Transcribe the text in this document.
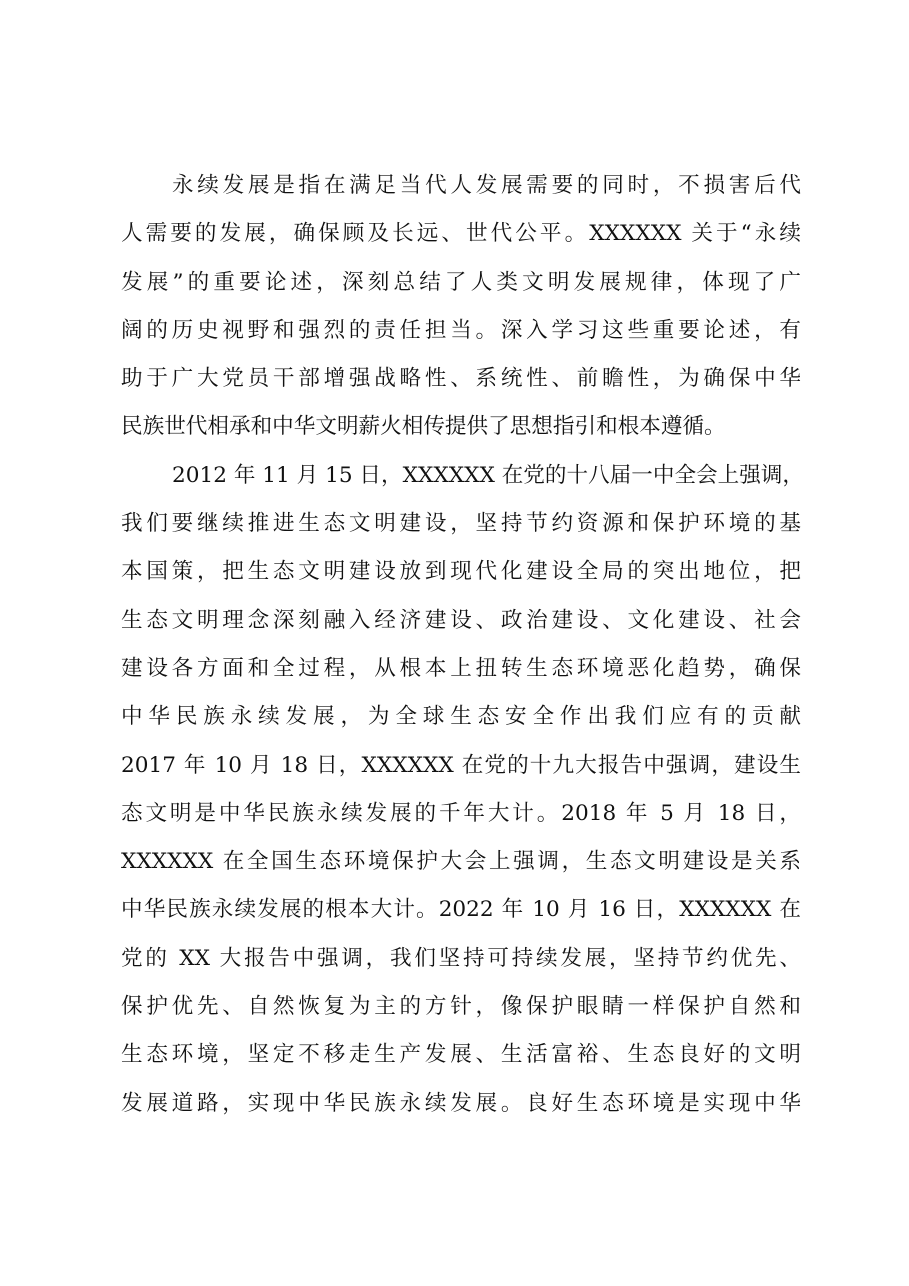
永续发展是指在满足当代人发展需要的同时，不损害后代
人需要的发展，确保顾及长远、世代公平。XXXXXX 关于“永续
发展”的重要论述，深刻总结了人类文明发展规律，体现了广
阔的历史视野和强烈的责任担当。深入学习这些重要论述，有
助于广大党员干部增强战略性、系统性、前瞻性，为确保中华
民族世代相承和中华文明薪火相传提供了思想指引和根本遵循。
2012 年 11 月 15 日，XXXXXX 在党的十八届一中全会上强调，
我们要继续推进生态文明建设，坚持节约资源和保护环境的基
本国策，把生态文明建设放到现代化建设全局的突出地位，把
生态文明理念深刻融入经济建设、政治建设、文化建设、社会
建设各方面和全过程，从根本上扭转生态环境恶化趋势，确保
中华民族永续发展，为全球生态安全作出我们应有的贡献
2017 年 10 月 18 日，XXXXXX 在党的十九大报告中强调，建设生
态文明是中华民族永续发展的千年大计。2018 年 5 月 18 日，
XXXXXX 在全国生态环境保护大会上强调，生态文明建设是关系
中华民族永续发展的根本大计。2022 年 10 月 16 日，XXXXXX 在
党的 XX 大报告中强调，我们坚持可持续发展，坚持节约优先、
保护优先、自然恢复为主的方针，像保护眼睛一样保护自然和
生态环境，坚定不移走生产发展、生活富裕、生态良好的文明
发展道路，实现中华民族永续发展。良好生态环境是实现中华
